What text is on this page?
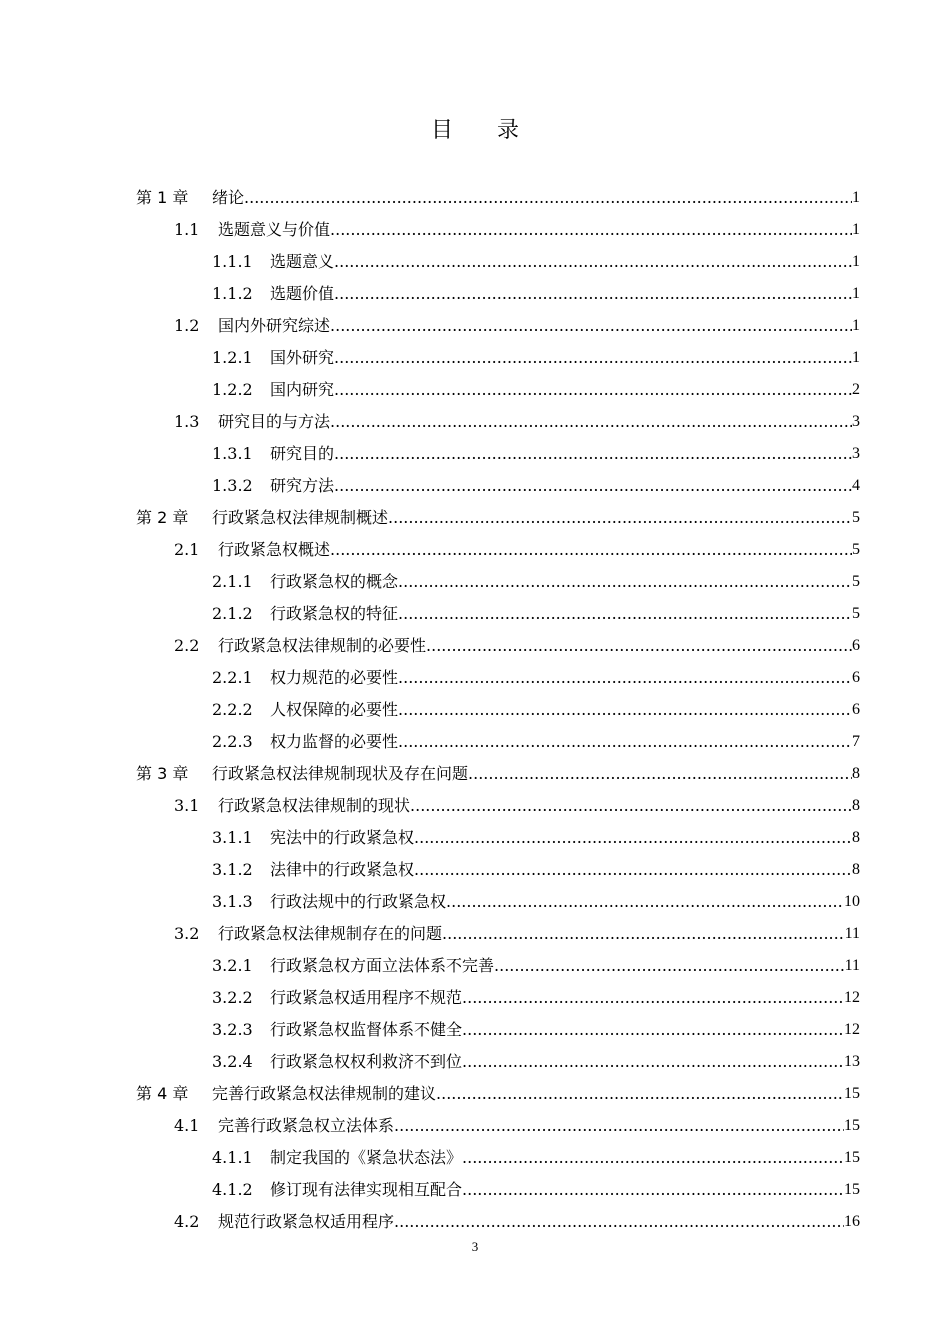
目 录
第 1 章	绪论 .....	1
1.1	选题意义与价值 .....	1
1.1.1	选题意义 .....	1
1.1.2	选题价值 .....	1
1.2	国内外研究综述 .....	1
1.2.1	国外研究 .....	1
1.2.2	国内研究 .....	2
1.3	研究目的与方法 .....	3
1.3.1	研究目的 .....	3
1.3.2	研究方法 .....	4
第 2 章	行政紧急权法律规制概述 .....	5
2.1	行政紧急权概述 .....	5
2.1.1	行政紧急权的概念 .....	5
2.1.2	行政紧急权的特征 .....	5
2.2	行政紧急权法律规制的必要性 .....	6
2.2.1	权力规范的必要性 .....	6
2.2.2	人权保障的必要性 .....	6
2.2.3	权力监督的必要性 .....	7
第 3 章	行政紧急权法律规制现状及存在问题 .....	8
3.1	行政紧急权法律规制的现状 .....	8
3.1.1	宪法中的行政紧急权 .....	8
3.1.2	法律中的行政紧急权 .....	8
3.1.3	行政法规中的行政紧急权 .....	10
3.2	行政紧急权法律规制存在的问题 .....	11
3.2.1	行政紧急权方面立法体系不完善 .....	11
3.2.2	行政紧急权适用程序不规范 .....	12
3.2.3	行政紧急权监督体系不健全 .....	12
3.2.4	行政紧急权权利救济不到位 .....	13
第 4 章	完善行政紧急权法律规制的建议 .....	15
4.1	完善行政紧急权立法体系 .....	15
4.1.1	制定我国的《紧急状态法》 .....	15
4.1.2	修订现有法律实现相互配合 .....	15
4.2	规范行政紧急权适用程序 .....	16
3
